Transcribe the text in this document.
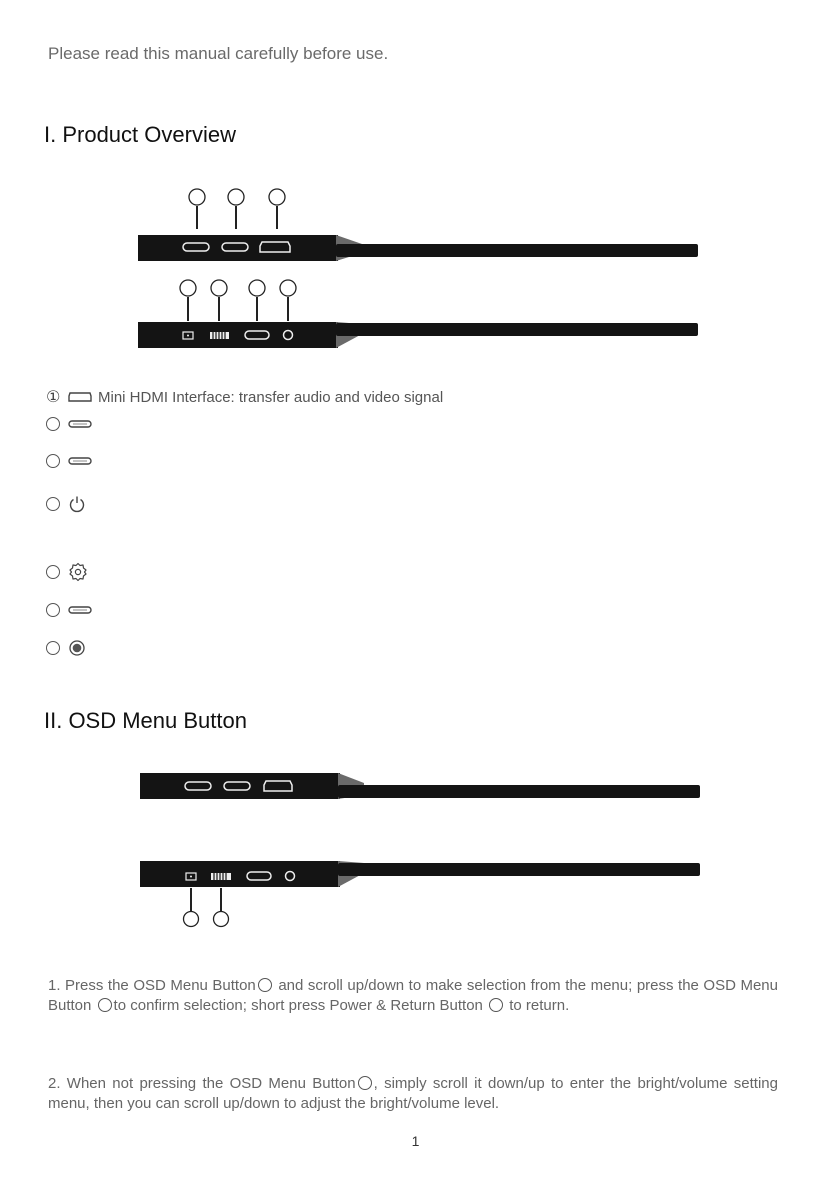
Please read this manual carefully before use.
I. Product Overview
①	Mini HDMI Interface: transfer audio and video signal
II. OSD Menu Button
1. Press the OSD Menu Button and scroll up/down to make selection from the menu; press the OSD Menu Button to confirm selection; short press Power & Return Button  to return.
2. When not pressing the OSD Menu Button , simply scroll it down/up to enter the bright/volume setting menu, then you can scroll up/down to adjust the bright/volume level.
1
